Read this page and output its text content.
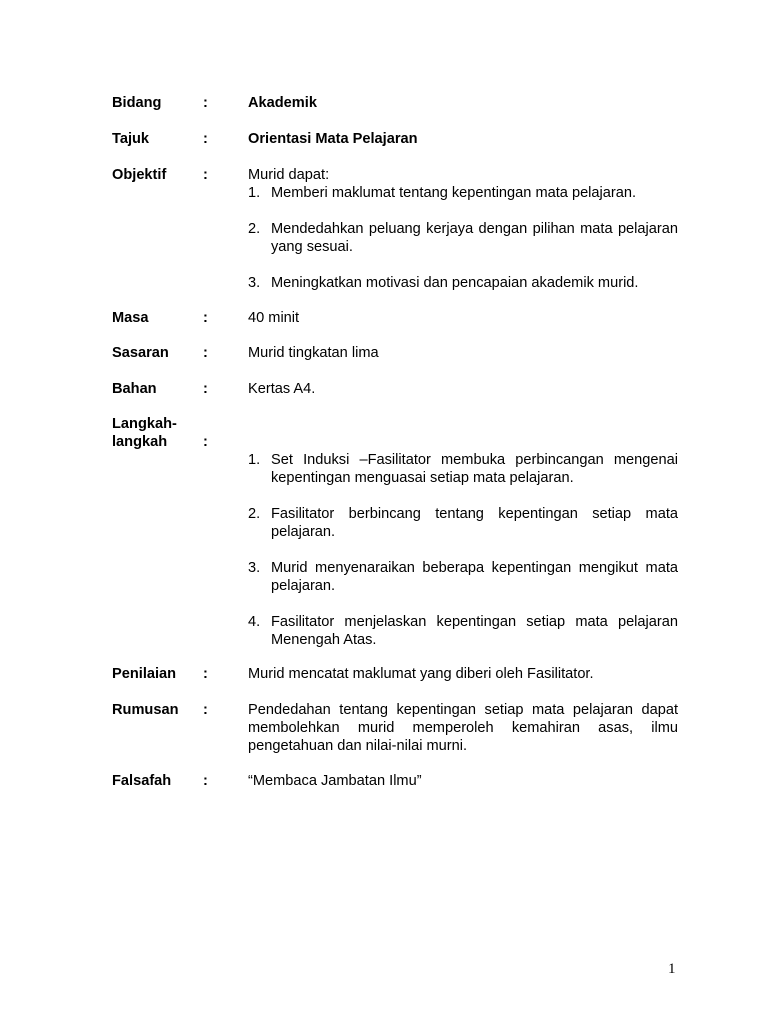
Bidang	:	Akademik
Tajuk	:	Orientasi Mata Pelajaran
Objektif	:	Murid dapat:
1. Memberi maklumat tentang kepentingan mata pelajaran.
2. Mendedahkan peluang kerjaya dengan pilihan mata pelajaran yang sesuai.
3. Meningkatkan motivasi dan pencapaian akademik murid.
Masa	:	40 minit
Sasaran	:	Murid tingkatan lima
Bahan	:	Kertas A4.
Langkah-
langkah	:
1. Set Induksi –Fasilitator membuka perbincangan mengenai kepentingan menguasai setiap mata pelajaran.
2. Fasilitator berbincang tentang kepentingan setiap mata pelajaran.
3. Murid menyenaraikan beberapa kepentingan mengikut mata pelajaran.
4. Fasilitator menjelaskan kepentingan setiap mata pelajaran Menengah Atas.
Penilaian	:	Murid mencatat maklumat yang diberi oleh Fasilitator.
Rumusan	:	Pendedahan tentang kepentingan setiap mata pelajaran dapat membolehkan murid memperoleh kemahiran asas, ilmu pengetahuan dan nilai-nilai murni.
Falsafah	:	“Membaca Jambatan Ilmu”
1
